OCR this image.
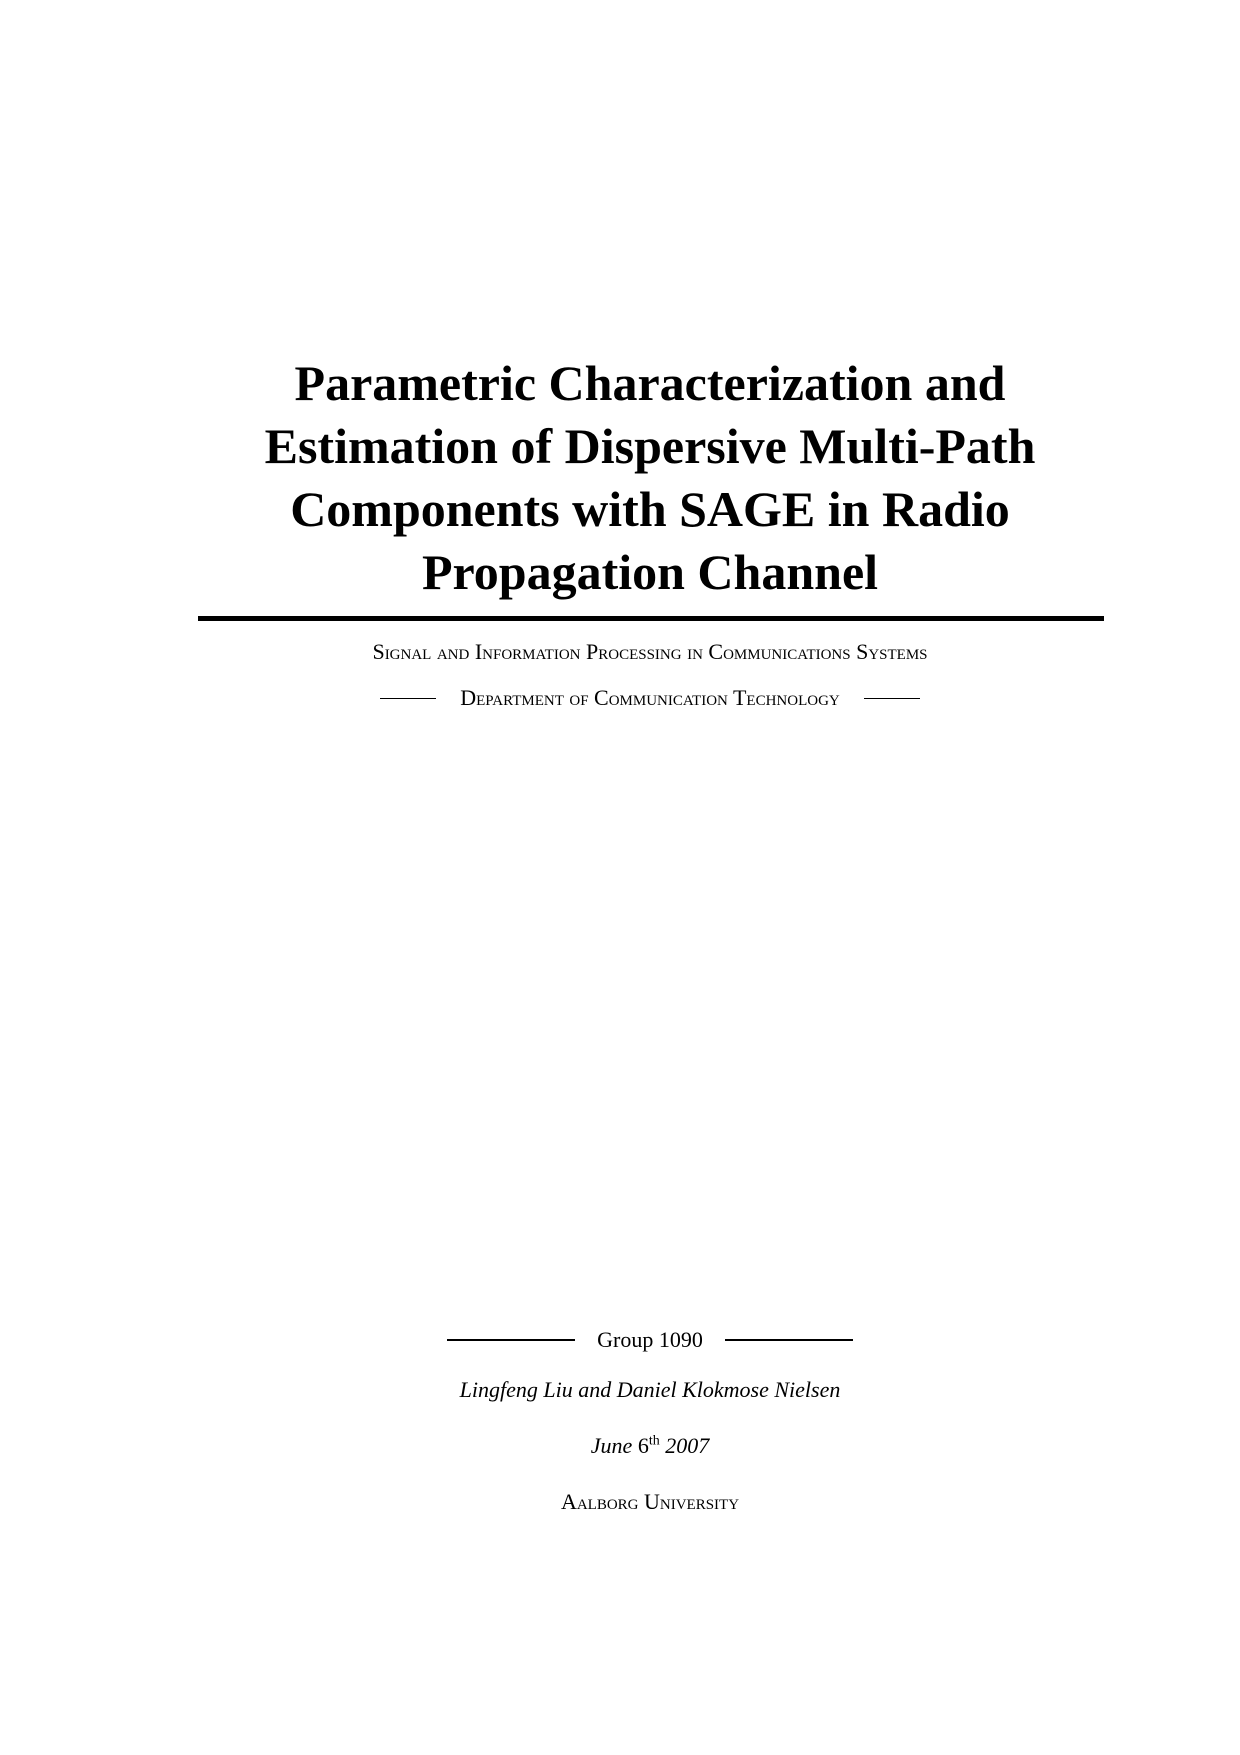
Parametric Characterization and
Estimation of Dispersive Multi-Path
Components with SAGE in Radio
Propagation Channel
Signal and Information Processing in Communications Systems
Department of Communication Technology
Group 1090
Lingfeng Liu and Daniel Klokmose Nielsen
June 6th 2007
Aalborg University
